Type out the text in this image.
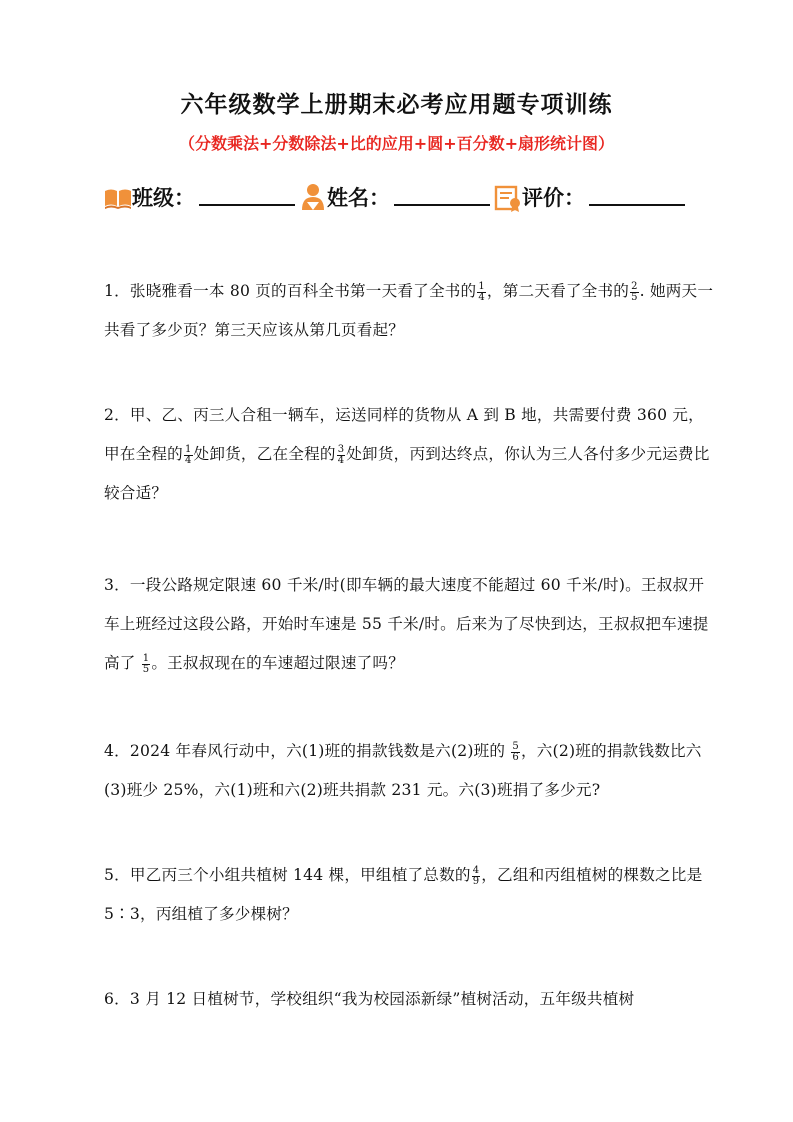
六年级数学上册期末必考应用题专项训练
（分数乘法+分数除法+比的应用+圆+百分数+扇形统计图）
班级：	姓名：	评价：
1．张晓雅看一本 80 页的百科全书第一天看了全书的 $\frac{1}{4}$ ，第二天看了全书的 $\frac{2}{5}$ . 她两天一共看了多少页？第三天应该从第几页看起？
2．甲、乙、丙三人合租一辆车，运送同样的货物从 A 到 B 地，共需要付费 360 元，甲在全程的 $\frac{1}{4}$ 处卸货，乙在全程的 $\frac{3}{4}$ 处卸货，丙到达终点，你认为三人各付多少元运费比较合适？
3．一段公路规定限速 60 千米/时(即车辆的最大速度不能超过 60 千米/时)。王叔叔开车上班经过这段公路，开始时车速是 55 千米/时。后来为了尽快到达，王叔叔把车速提高了 $\frac{1}{5}$ 。王叔叔现在的车速超过限速了吗？
4．2024 年春风行动中，六(1)班的捐款钱数是六(2)班的 $\frac{5}{6}$ ，六(2)班的捐款钱数比六(3)班少 25%，六(1)班和六(2)班共捐款 231 元。六(3)班捐了多少元?
5．甲乙丙三个小组共植树 144 棵，甲组植了总数的 $\frac{4}{9}$ ，乙组和丙组植树的棵数之比是 5∶3，丙组植了多少棵树？
6．3 月 12 日植树节，学校组织“我为校园添新绿”植树活动，五年级共植树
